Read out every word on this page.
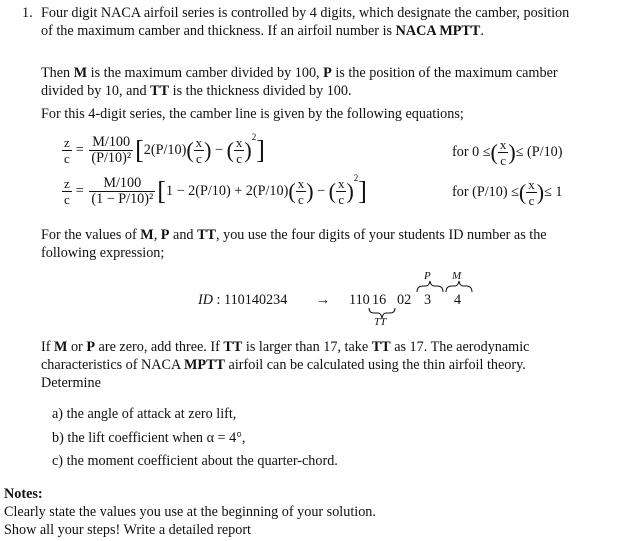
1. Four digit NACA airfoil series is controlled by 4 digits, which designate the camber, position
of the maximum camber and thickness. If an airfoil number is NACA MPTT.
Then M is the maximum camber divided by 100, P is the position of the maximum camber
divided by 10, and TT is the thickness divided by 100.
For this 4-digit series, the camber line is given by the following equations;
$\frac{z}{c} = \frac{M/100}{\text{(P/10)²}} [2(P/10)( \frac{x}{c}$ ) − ( $\frac{x}{c} )^2$]	for 0 ≤( $\frac{x}{c}$ )≤ (P/10)
$\frac{z}{c} = \frac{M/100}{\text{(1 − P/10)²}} [1 - 2(P/10) + 2(P/10)( \frac{x}{c}$ ) − ( $\frac{x}{c} )^2$]	for (P/10) ≤( $\frac{x}{c}$ )≤ 1
For the values of M, P and TT, you use the four digits of your students ID number as the
following expression;
ID : 110140234 → 110 16 02 3 4
P M
TT
If M or P are zero, add three. If TT is larger than 17, take TT as 17. The aerodynamic
characteristics of NACA MPTT airfoil can be calculated using the thin airfoil theory.
Determine
a) the angle of attack at zero lift,
b) the lift coefficient when α = 4°,
c) the moment coefficient about the quarter-chord.
Notes:
Clearly state the values you use at the beginning of your solution.
Show all your steps! Write a detailed report
